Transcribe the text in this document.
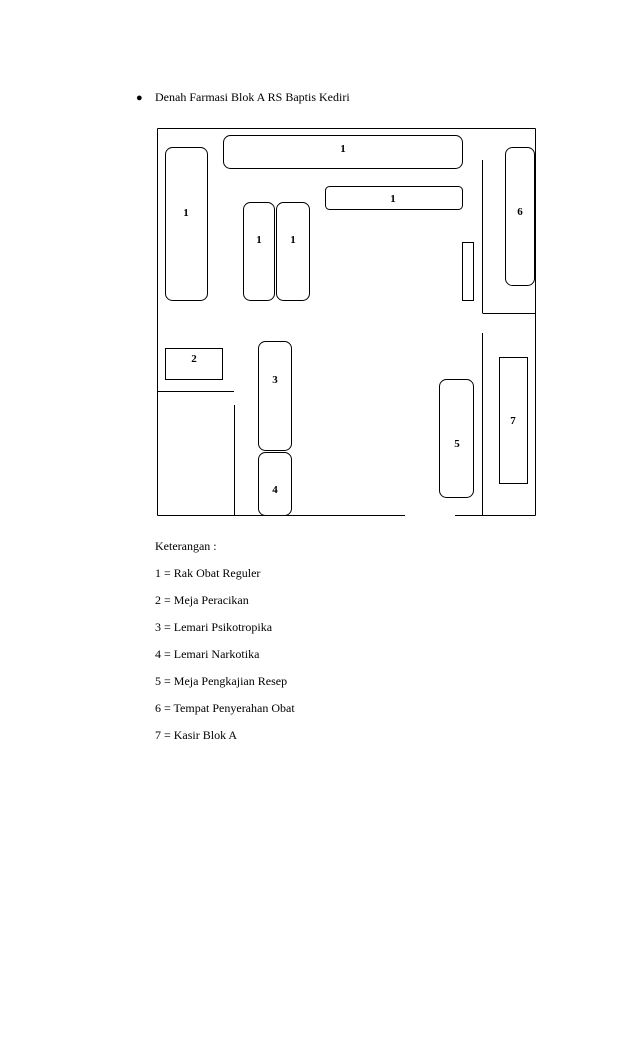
● Denah Farmasi Blok A RS Baptis Kediri
1
1
1
1	1
6
2
3
4
5
7
Keterangan :
1 = Rak Obat Reguler
2 = Meja Peracikan
3 = Lemari Psikotropika
4 = Lemari Narkotika
5 = Meja Pengkajian Resep
6 = Tempat Penyerahan Obat
7 = Kasir Blok A
